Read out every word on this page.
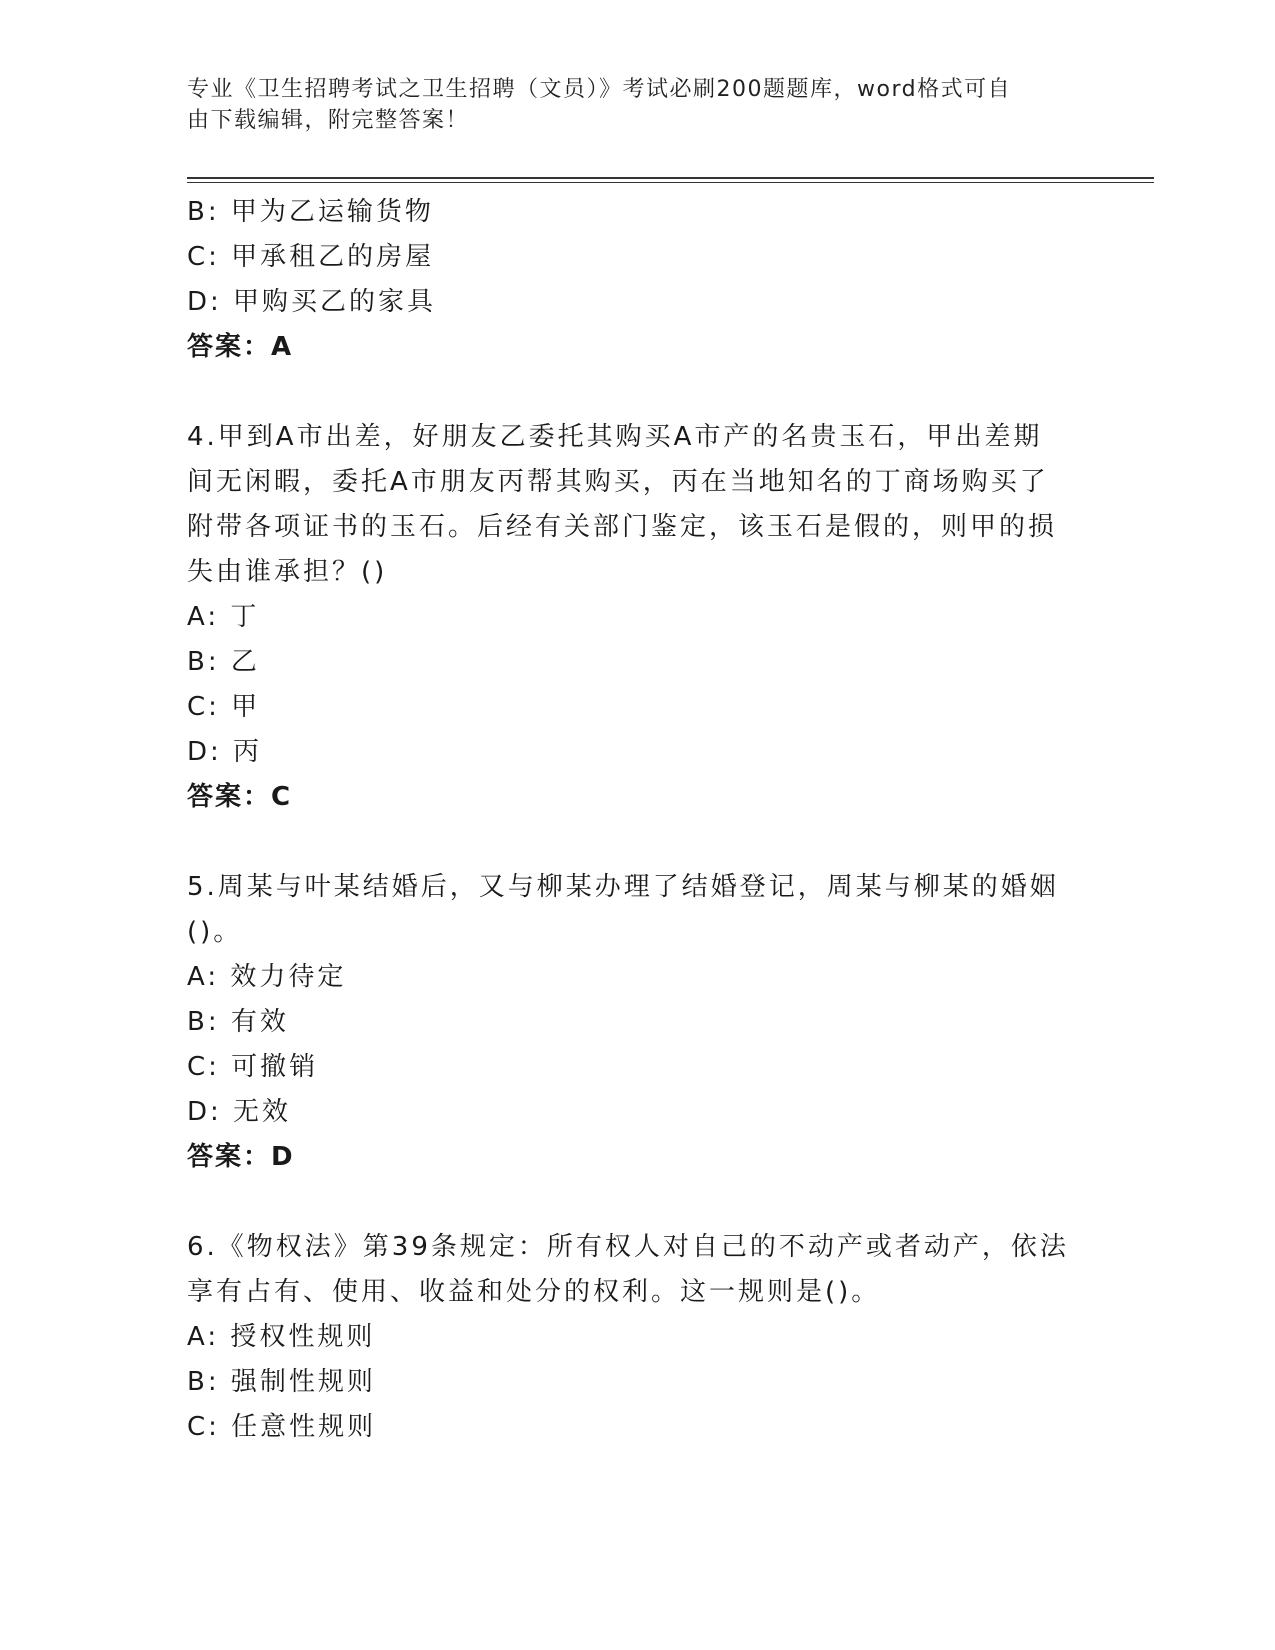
专业《卫生招聘考试之卫生招聘（文员）》考试必刷200题题库，word格式可自
由下载编辑，附完整答案！
B: 甲为乙运输货物
C: 甲承租乙的房屋
D: 甲购买乙的家具
答案：A
4.甲到A市出差，好朋友乙委托其购买A市产的名贵玉石，甲出差期
间无闲暇，委托A市朋友丙帮其购买，丙在当地知名的丁商场购买了
附带各项证书的玉石。后经有关部门鉴定，该玉石是假的，则甲的损
失由谁承担？()
A: 丁
B: 乙
C: 甲
D: 丙
答案：C
5.周某与叶某结婚后，又与柳某办理了结婚登记，周某与柳某的婚姻
()。
A: 效力待定
B: 有效
C: 可撤销
D: 无效
答案：D
6.《物权法》第39条规定：所有权人对自己的不动产或者动产，依法
享有占有、使用、收益和处分的权利。这一规则是()。
A: 授权性规则
B: 强制性规则
C: 任意性规则
